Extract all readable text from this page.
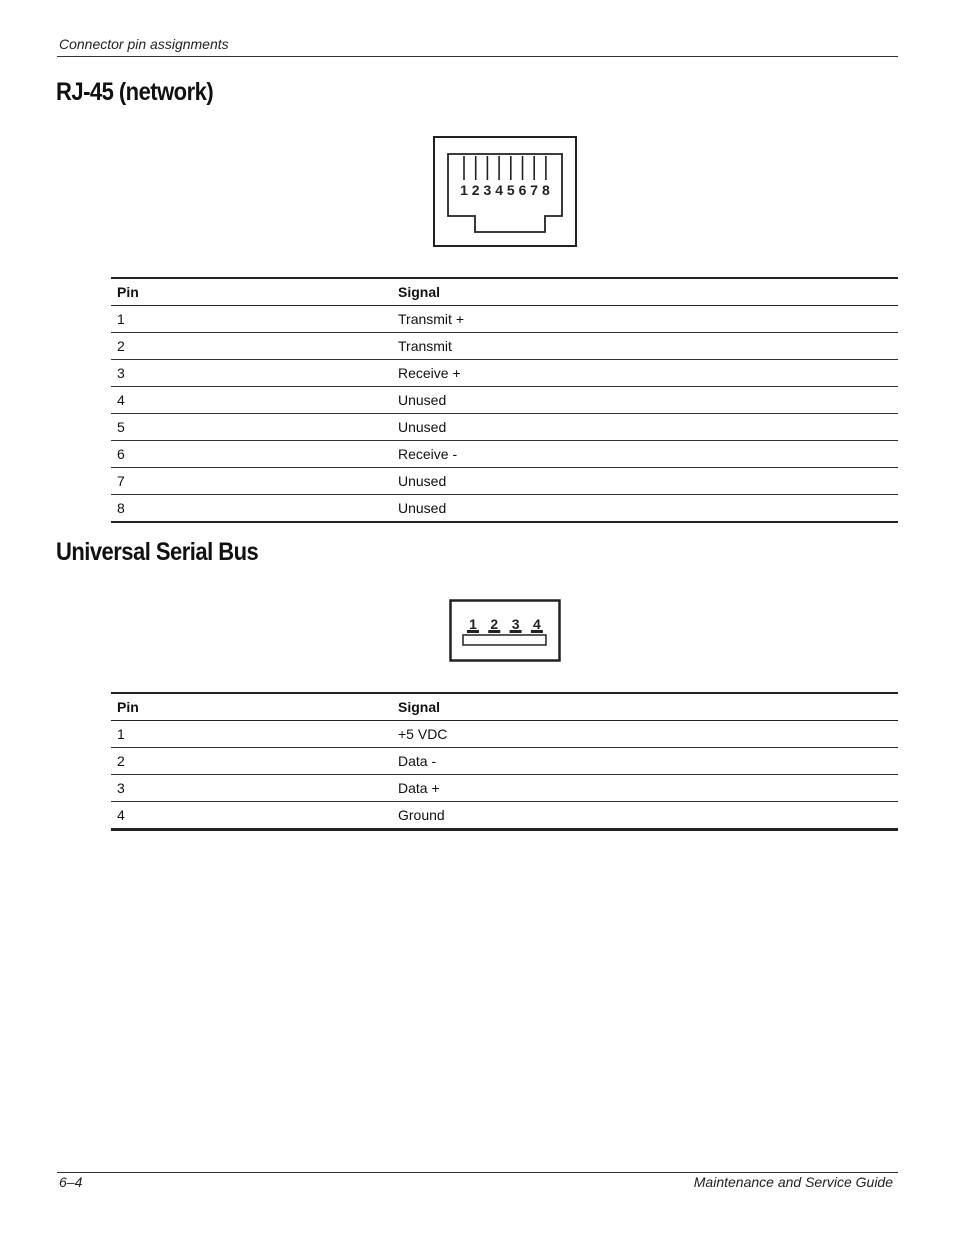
Connector pin assignments
RJ-45 (network)
1 2 3 4 5 6 7 8
Pin	Signal
1	Transmit +
2	Transmit
3	Receive +
4	Unused
5	Unused
6	Receive -
7	Unused
8	Unused
Universal Serial Bus
1 2 3 4
Pin	Signal
1	+5 VDC
2	Data -
3	Data +
4	Ground
6–4	Maintenance and Service Guide
